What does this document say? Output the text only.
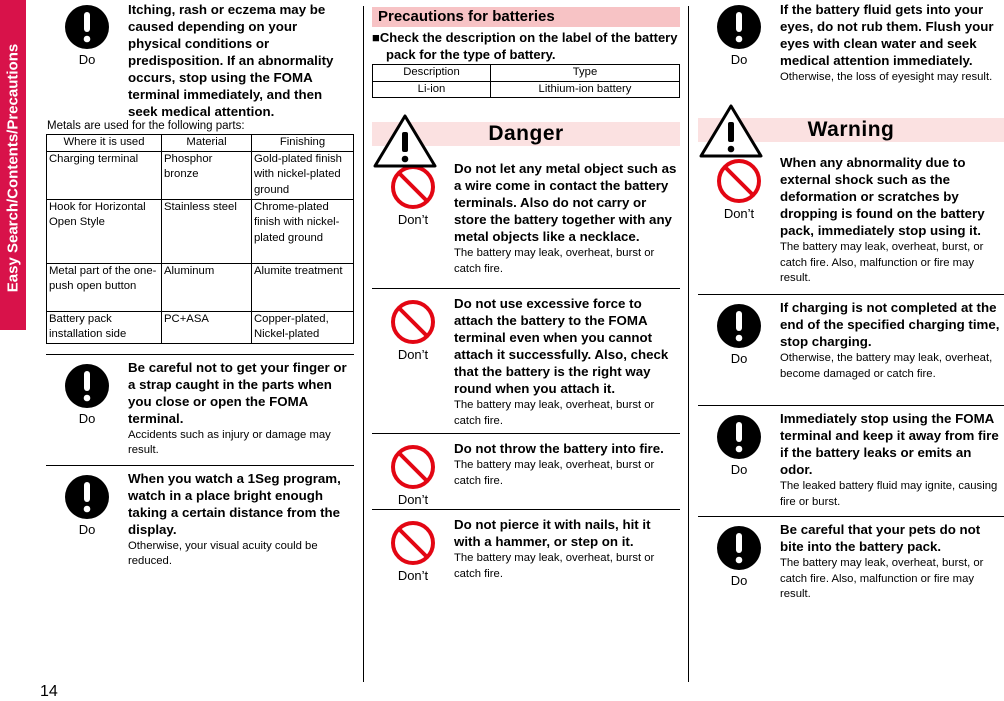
Easy Search/Contents/Precautions
14
Do
Itching, rash or eczema may be caused depending on your physical conditions or predisposition. If an abnormality occurs, stop using the FOMA terminal immediately, and then seek medical attention.
Metals are used for the following parts:
Where it is used	Material	Finishing
Charging terminal	Phosphor bronze	Gold-plated finish with nickel-plated ground
Hook for Horizontal Open Style	Stainless steel	Chrome-plated finish with nickel-plated ground
Metal part of the one-push open button	Aluminum	Alumite treatment
Battery pack installation side	PC+ASA	Copper-plated, Nickel-plated
Do
Be careful not to get your finger or a strap caught in the parts when you close or open the FOMA terminal.
Accidents such as injury or damage may result.
Do
When you watch a 1Seg program, watch in a place bright enough taking a certain distance from the display.
Otherwise, your visual acuity could be reduced.
Precautions for batteries
■Check the description on the label of the battery pack for the type of battery.
Description	Type
Li-ion	Lithium-ion battery
Danger
Don’t
Do not let any metal object such as a wire come in contact the battery terminals. Also do not carry or store the battery together with any metal objects like a necklace.
The battery may leak, overheat, burst or catch fire.
Don’t
Do not use excessive force to attach the battery to the FOMA terminal even when you cannot attach it successfully. Also, check that the battery is the right way round when you attach it.
The battery may leak, overheat, burst or catch fire.
Don’t
Do not throw the battery into fire.
The battery may leak, overheat, burst or catch fire.
Don’t
Do not pierce it with nails, hit it with a hammer, or step on it.
The battery may leak, overheat, burst or catch fire.
Do
If the battery fluid gets into your eyes, do not rub them. Flush your eyes with clean water and seek medical attention immediately.
Otherwise, the loss of eyesight may result.
Warning
Don’t
When any abnormality due to external shock such as the deformation or scratches by dropping is found on the battery pack, immediately stop using it.
The battery may leak, overheat, burst, or catch fire. Also, malfunction or fire may result.
Do
If charging is not completed at the end of the specified charging time, stop charging.
Otherwise, the battery may leak, overheat, become damaged or catch fire.
Do
Immediately stop using the FOMA terminal and keep it away from fire if the battery leaks or emits an odor.
The leaked battery fluid may ignite, causing fire or burst.
Do
Be careful that your pets do not bite into the battery pack.
The battery may leak, overheat, burst, or catch fire. Also, malfunction or fire may result.
